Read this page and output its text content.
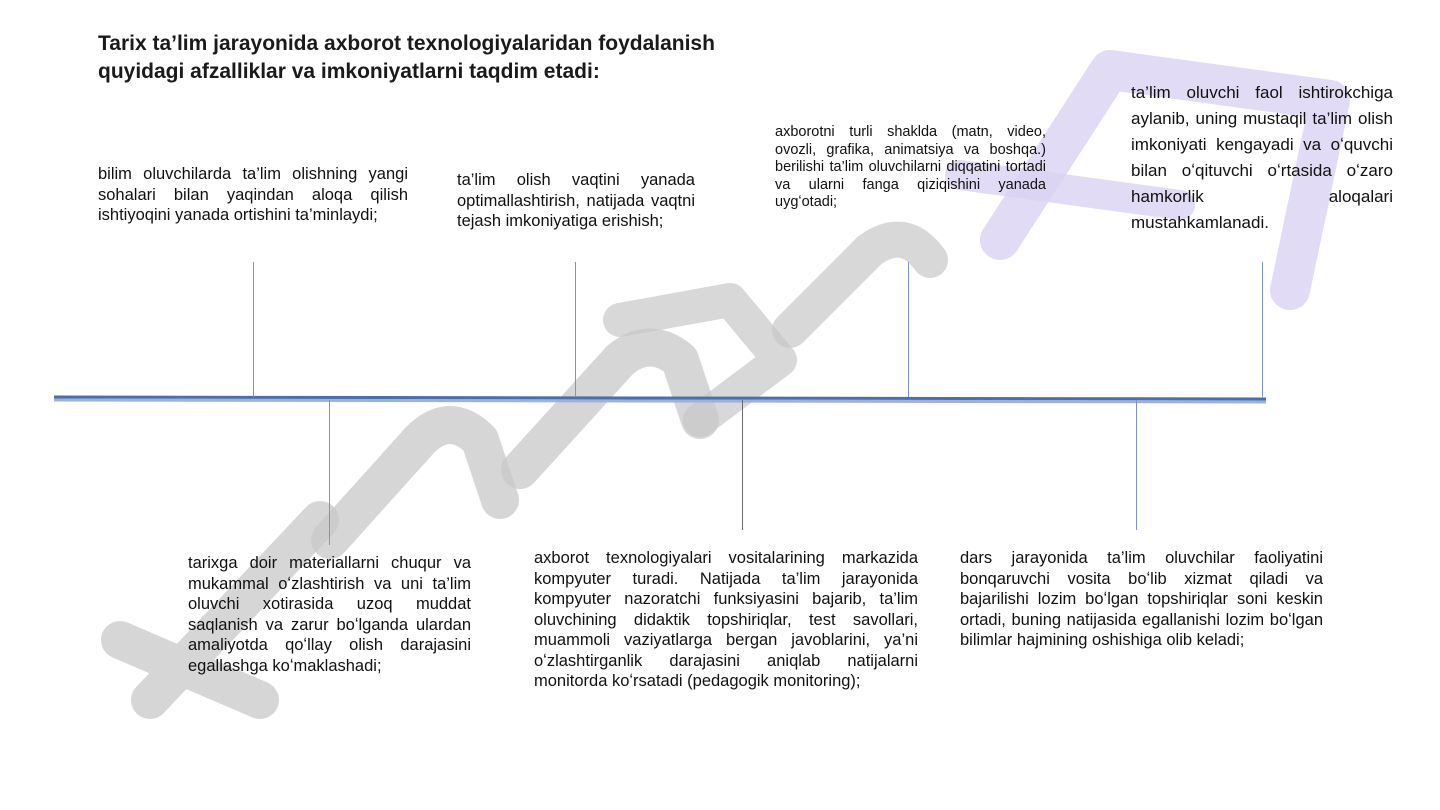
Tarix ta’lim jarayonida axborot texnologiyalaridan foydalanish
quyidagi afzalliklar va imkoniyatlarni taqdim etadi:
bilim oluvchilarda ta’lim olishning yangi sohalari bilan yaqindan aloqa qilish ishtiyoqini yanada ortishini ta’minlaydi;
ta’lim olish vaqtini yanada optimallashtirish, natijada vaqtni tejash imkoniyatiga erishish;
axborotni turli shaklda (matn, video, ovozli, grafika, animatsiya va boshqa.) berilishi ta’lim oluvchilarni diqqatini tortadi va ularni fanga qiziqishini yanada uygʻotadi;
ta’lim oluvchi faol ishtirokchiga aylanib, uning mustaqil ta’lim olish imkoniyati kengayadi va oʻquvchi bilan oʻqituvchi oʻrtasida oʻzaro hamkorlik aloqalari mustahkamlanadi.
tarixga doir materiallarni chuqur va mukammal oʻzlashtirish va uni ta’lim oluvchi xotirasida uzoq muddat saqlanish va zarur boʻlganda ulardan amaliyotda qoʻllay olish darajasini egallashga koʻmaklashadi;
axborot texnologiyalari vositalarining markazida kompyuter turadi. Natijada ta’lim jarayonida kompyuter nazoratchi funksiyasini bajarib, ta’lim oluvchining didaktik topshiriqlar, test savollari, muammoli vaziyatlarga bergan javoblarini, ya’ni oʻzlashtirganlik darajasini aniqlab natijalarni monitorda koʻrsatadi (pedagogik monitoring);
dars jarayonida ta’lim oluvchilar faoliyatini bonqaruvchi vosita boʻlib xizmat qiladi va bajarilishi lozim boʻlgan topshiriqlar soni keskin ortadi, buning natijasida egallanishi lozim boʻlgan bilimlar hajmining oshishiga olib keladi;
